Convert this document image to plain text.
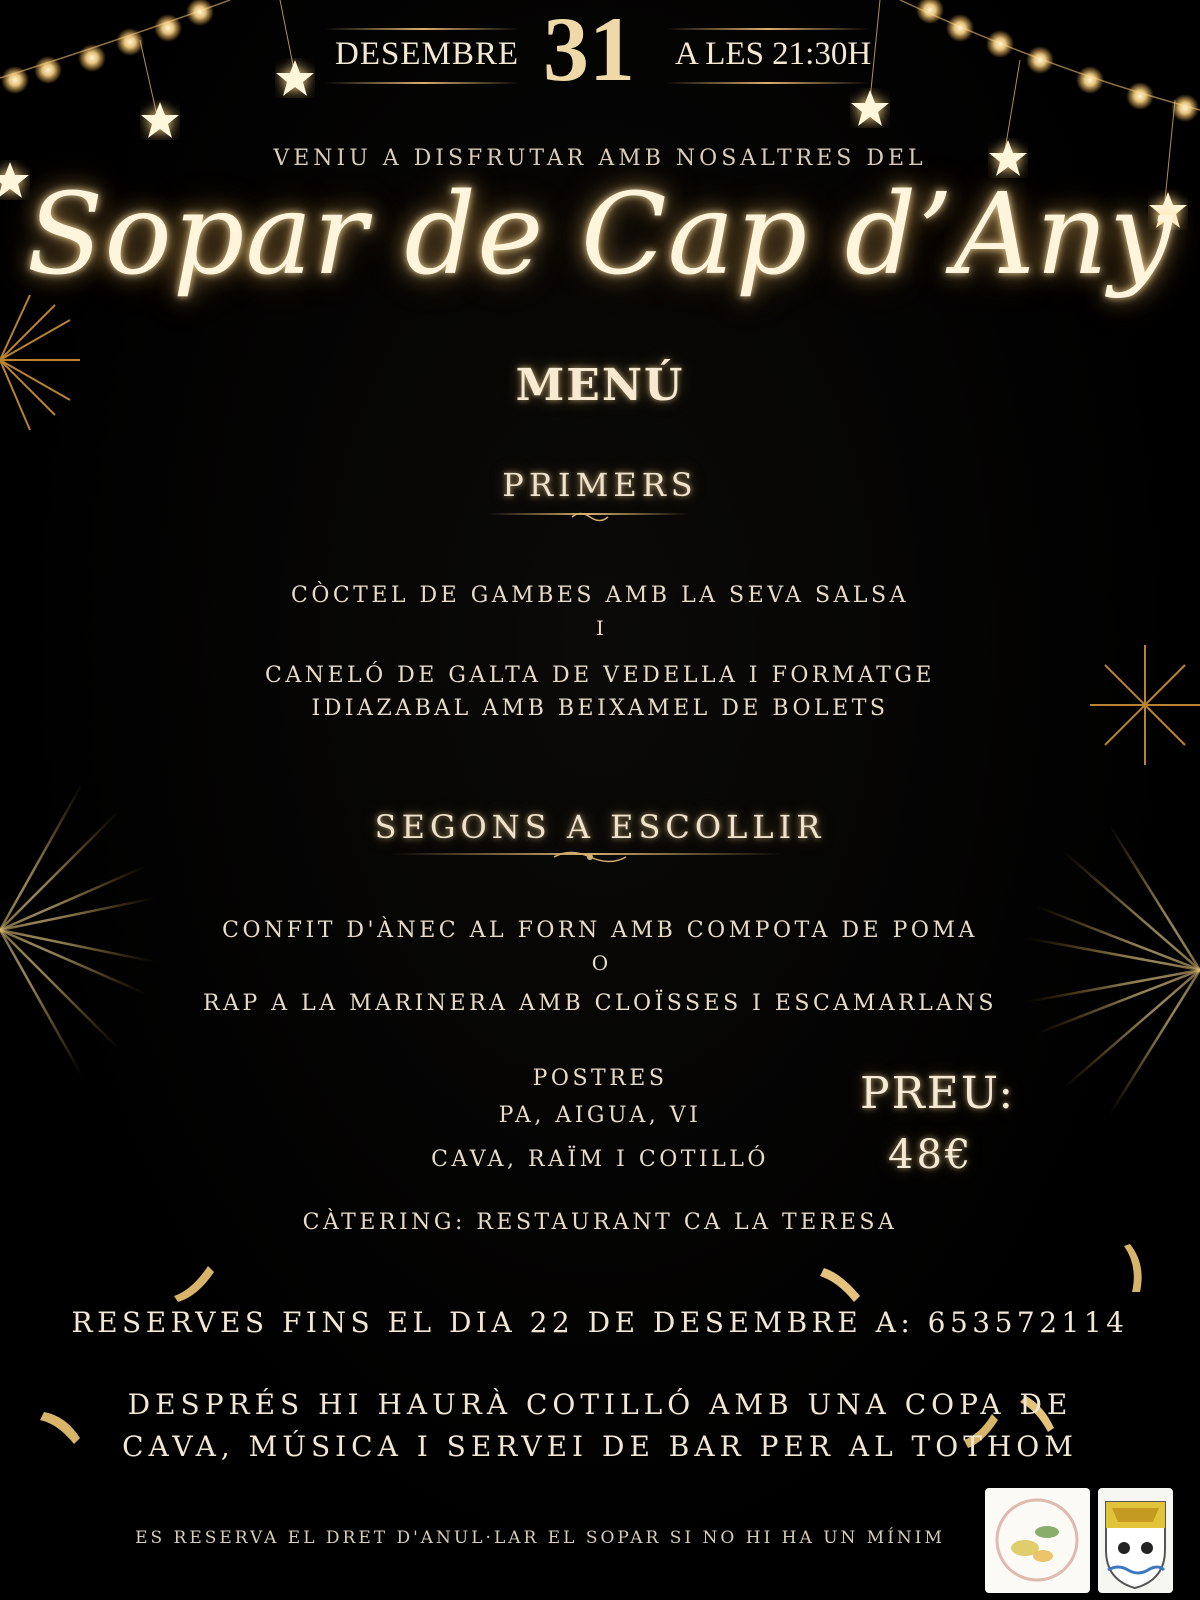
DESEMBRE 31 A LES 21:30H
VENIU A DISFRUTAR AMB NOSALTRES DEL
Sopar de Cap d’Any
MENÚ
PRIMERS
CÒCTEL DE GAMBES AMB LA SEVA SALSA
I
CANELÓ DE GALTA DE VEDELLA I FORMATGE
IDIAZABAL AMB BEIXAMEL DE BOLETS
SEGONS A ESCOLLIR
CONFIT D'ÀNEC AL FORN AMB COMPOTA DE POMA
O
RAP A LA MARINERA AMB CLOÏSSES I ESCAMARLANS
POSTRES
PA, AIGUA, VI
CAVA, RAÏM I COTILLÓ
CÀTERING: RESTAURANT CA LA TERESA
PREU:
48€
RESERVES FINS EL DIA 22 DE DESEMBRE A: 653572114
DESPRÉS HI HAURÀ COTILLÓ AMB UNA COPA DE
CAVA, MÚSICA I SERVEI DE BAR PER AL TOTHOM
ES RESERVA EL DRET D'ANUL·LAR EL SOPAR SI NO HI HA UN MÍNIM
